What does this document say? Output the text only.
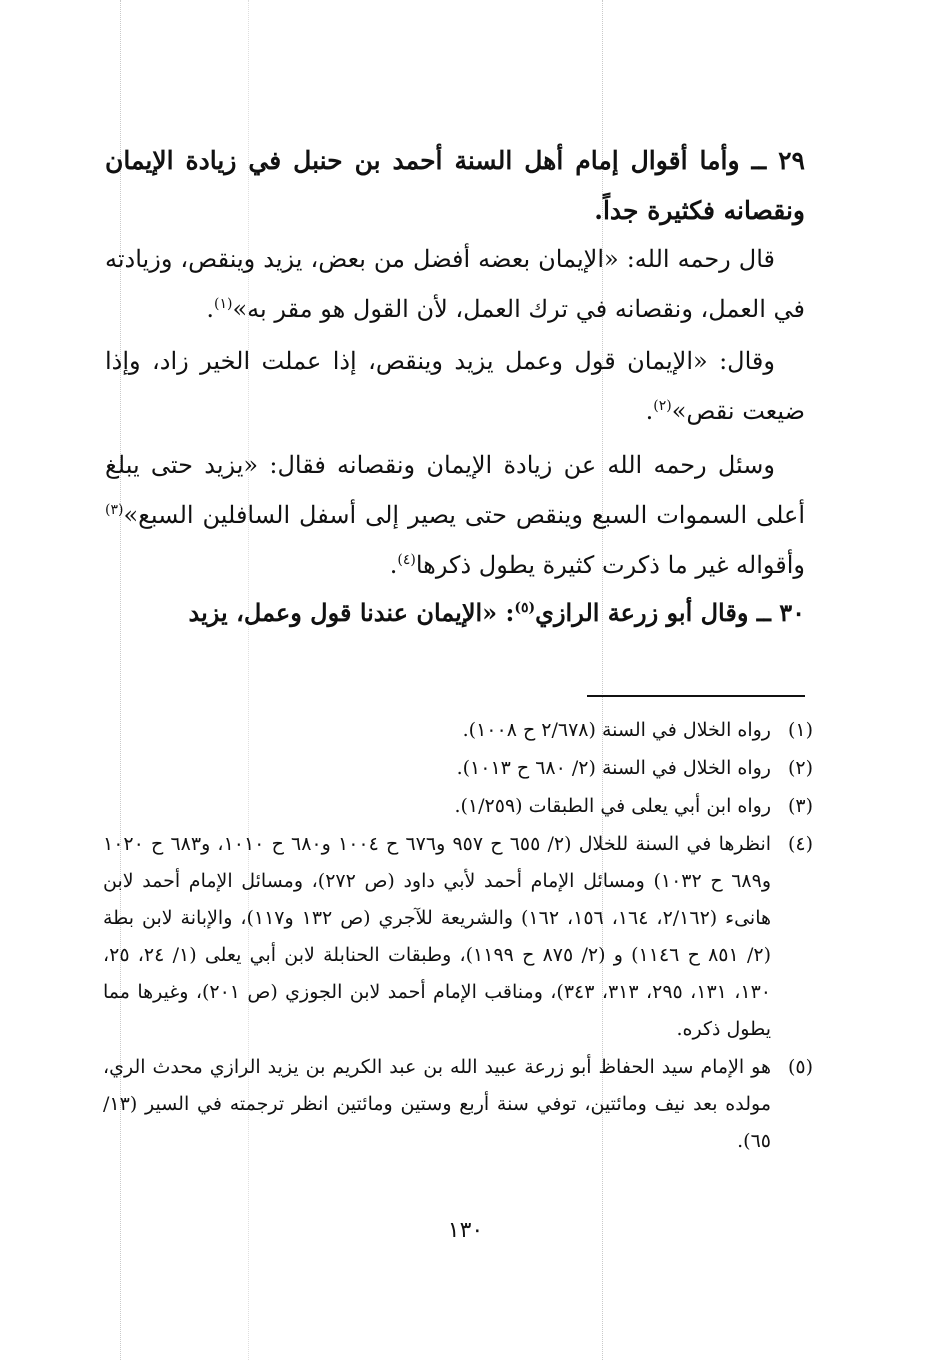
٢٩ ــ وأما أقوال إمام أهل السنة أحمد بن حنبل في زيادة الإيمان ونقصانه فكثيرة جداً.
قال رحمه الله: «الإيمان بعضه أفضل من بعض، يزيد وينقص، وزيادته في العمل، ونقصانه في ترك العمل، لأن القول هو مقر به»$^{(١)}$.
وقال: «الإيمان قول وعمل يزيد وينقص، إذا عملت الخير زاد، وإذا ضيعت نقص»$^{(٢)}$.
وسئل رحمه الله عن زيادة الإيمان ونقصانه فقال: «يزيد حتى يبلغ أعلى السموات السبع وينقص حتى يصير إلى أسفل السافلين السبع»$^{(٣)}$ وأقواله غير ما ذكرت كثيرة يطول ذكرها$^{(٤)}$.
٣٠ ــ وقال أبو زرعة الرازي$^{(٥)}$: «الإيمان عندنا قول وعمل، يزيد
(١)
رواه الخلال في السنة (٢/٦٧٨ ح ١٠٠٨).
(٢)
رواه الخلال في السنة (٢/ ٦٨٠ ح ١٠١٣).
(٣)
رواه ابن أبي يعلى في الطبقات (١/٢٥٩).
(٤)
انظرها في السنة للخلال (٢/ ٦٥٥ ح ٩٥٧ و٦٧٦ ح ١٠٠٤ و٦٨٠ ح ١٠١٠، و٦٨٣ ح ١٠٢٠ و٦٨٩ ح ١٠٣٢) ومسائل الإمام أحمد لأبي داود (ص ٢٧٢)، ومسائل الإمام أحمد لابن هانىء (٢/١٦٢، ١٦٤، ١٥٦، ١٦٢) والشريعة للآجري (ص ١٣٢ و١١٧)، والإبانة لابن بطة (٢/ ٨٥١ ح ١١٤٦) و (٢/ ٨٧٥ ح ١١٩٩)، وطبقات الحنابلة لابن أبي يعلى (١/ ٢٤، ٢٥، ١٣٠، ١٣١، ٢٩٥، ٣١٣، ٣٤٣)، ومناقب الإمام أحمد لابن الجوزي (ص ٢٠١)، وغيرها مما يطول ذكره.
(٥)
هو الإمام سيد الحفاظ أبو زرعة عبيد الله بن عبد الكريم بن يزيد الرازي محدث الري، مولده بعد نيف ومائتين، توفي سنة أربع وستين ومائتين انظر ترجمته في السير (١٣/ ٦٥).
١٣٠
